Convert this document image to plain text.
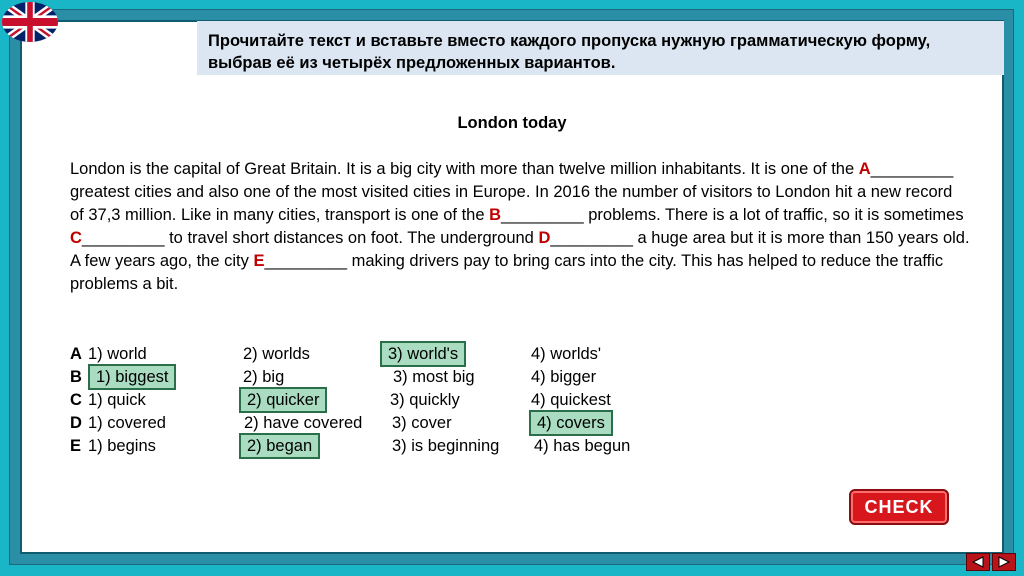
Прочитайте текст и вставьте вместо каждого пропуска нужную грамматическую форму, выбрав её из четырёх предложенных вариантов.
London today
London is the capital of Great Britain. It is a big city with more than twelve million inhabitants. It is one of the A_________ greatest cities and also one of the most visited cities in Europe. In 2016 the number of visitors to London hit a new record of 37,3 million. Like in many cities, transport is one of the B_________ problems. There is a lot of traffic, so it is sometimes C_________ to travel short distances on foot. The underground D_________ a huge area but it is more than 150 years old. A few years ago, the city E_________ making drivers pay to bring cars into the city. This has helped to reduce the traffic problems a bit.
A 1) world	2) worlds	3) world's	4) worlds'
B 1) biggest	2) big	3) most big	4) bigger
C 1) quick	2) quicker	3) quickly	4) quickest
D 1) covered	2) have covered 3) cover	4) covers
E 1) begins	2) began	3) is beginning 4) has begun
CHECK
